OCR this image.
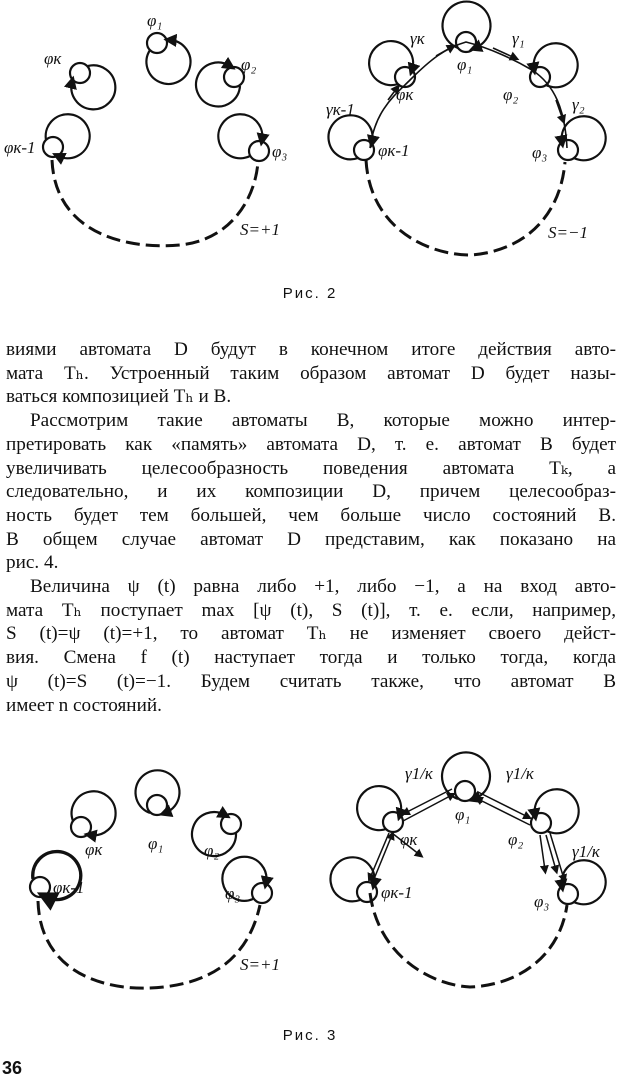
φ₁
φк	φ₂
φк-1	φ₃
S=+1
γк	γ₁
φ₁
φк	φ₂
γк-1	γ₂
φк-1	φ₃
S=−1
Рис. 2

виями автомата D будут в конечном итоге действия авто-

мата Tₕ. Устроенный таким образом автомат D будет назы-

ваться композицией Tₕ и B.

Рассмотрим такие автоматы B, которые можно интер-

претировать как «память» автомата D, т. е. автомат B будет

увеличивать целесообразность поведения автомата Tₖ, а

следовательно, и их композиции D, причем целесообраз-

ность будет тем большей, чем больше число состояний B.

В общем случае автомат D представим, как показано на

рис. 4.

Величина ψ (t) равна либо +1, либо −1, а на вход авто-

мата Tₕ поступает max [ψ (t), S (t)], т. е. если, например,

S (t)=ψ (t)=+1, то автомат Tₕ не изменяет своего дейст-

вия. Смена f (t) наступает тогда и только тогда, когда

ψ (t)=S (t)=−1. Будем считать также, что автомат B

имеет n состояний.

φк	φ₁ φ₂
φк-1	φ₃
S=+1
γ1/к	γ1/к
φк
φ₁
φ₂
γ1/к
φк-1	φ₃
Рис. 3
36
